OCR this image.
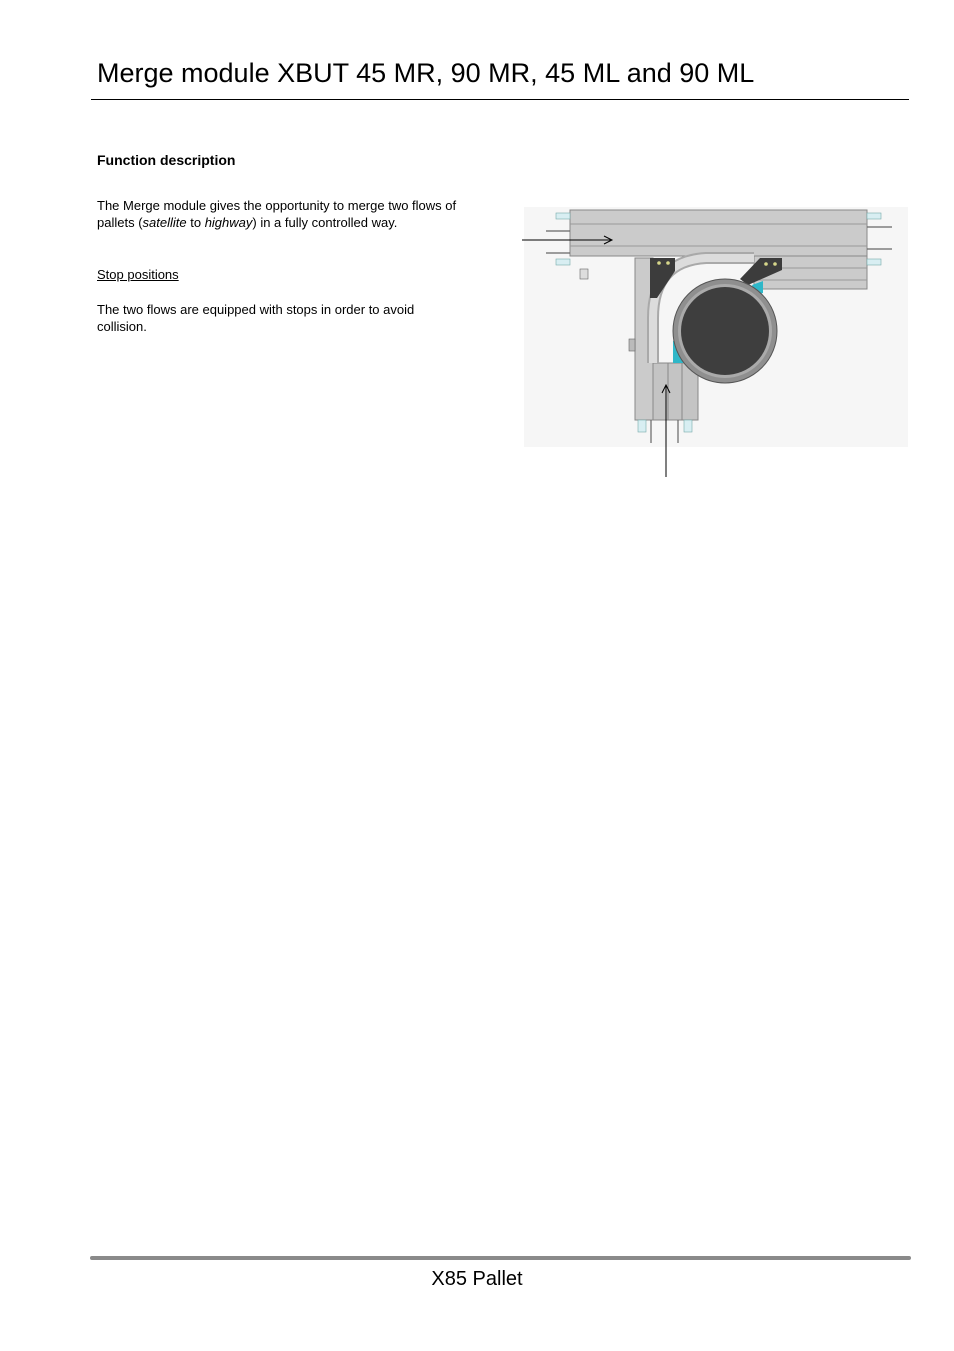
Merge module XBUT 45 MR, 90 MR, 45 ML and 90 ML
Function description

The Merge module gives the opportunity to merge two flows of pallets (satellite to highway) in a fully controlled way.

Stop positions

The two flows are equipped with stops in order to avoid collision.

X85 Pallet
